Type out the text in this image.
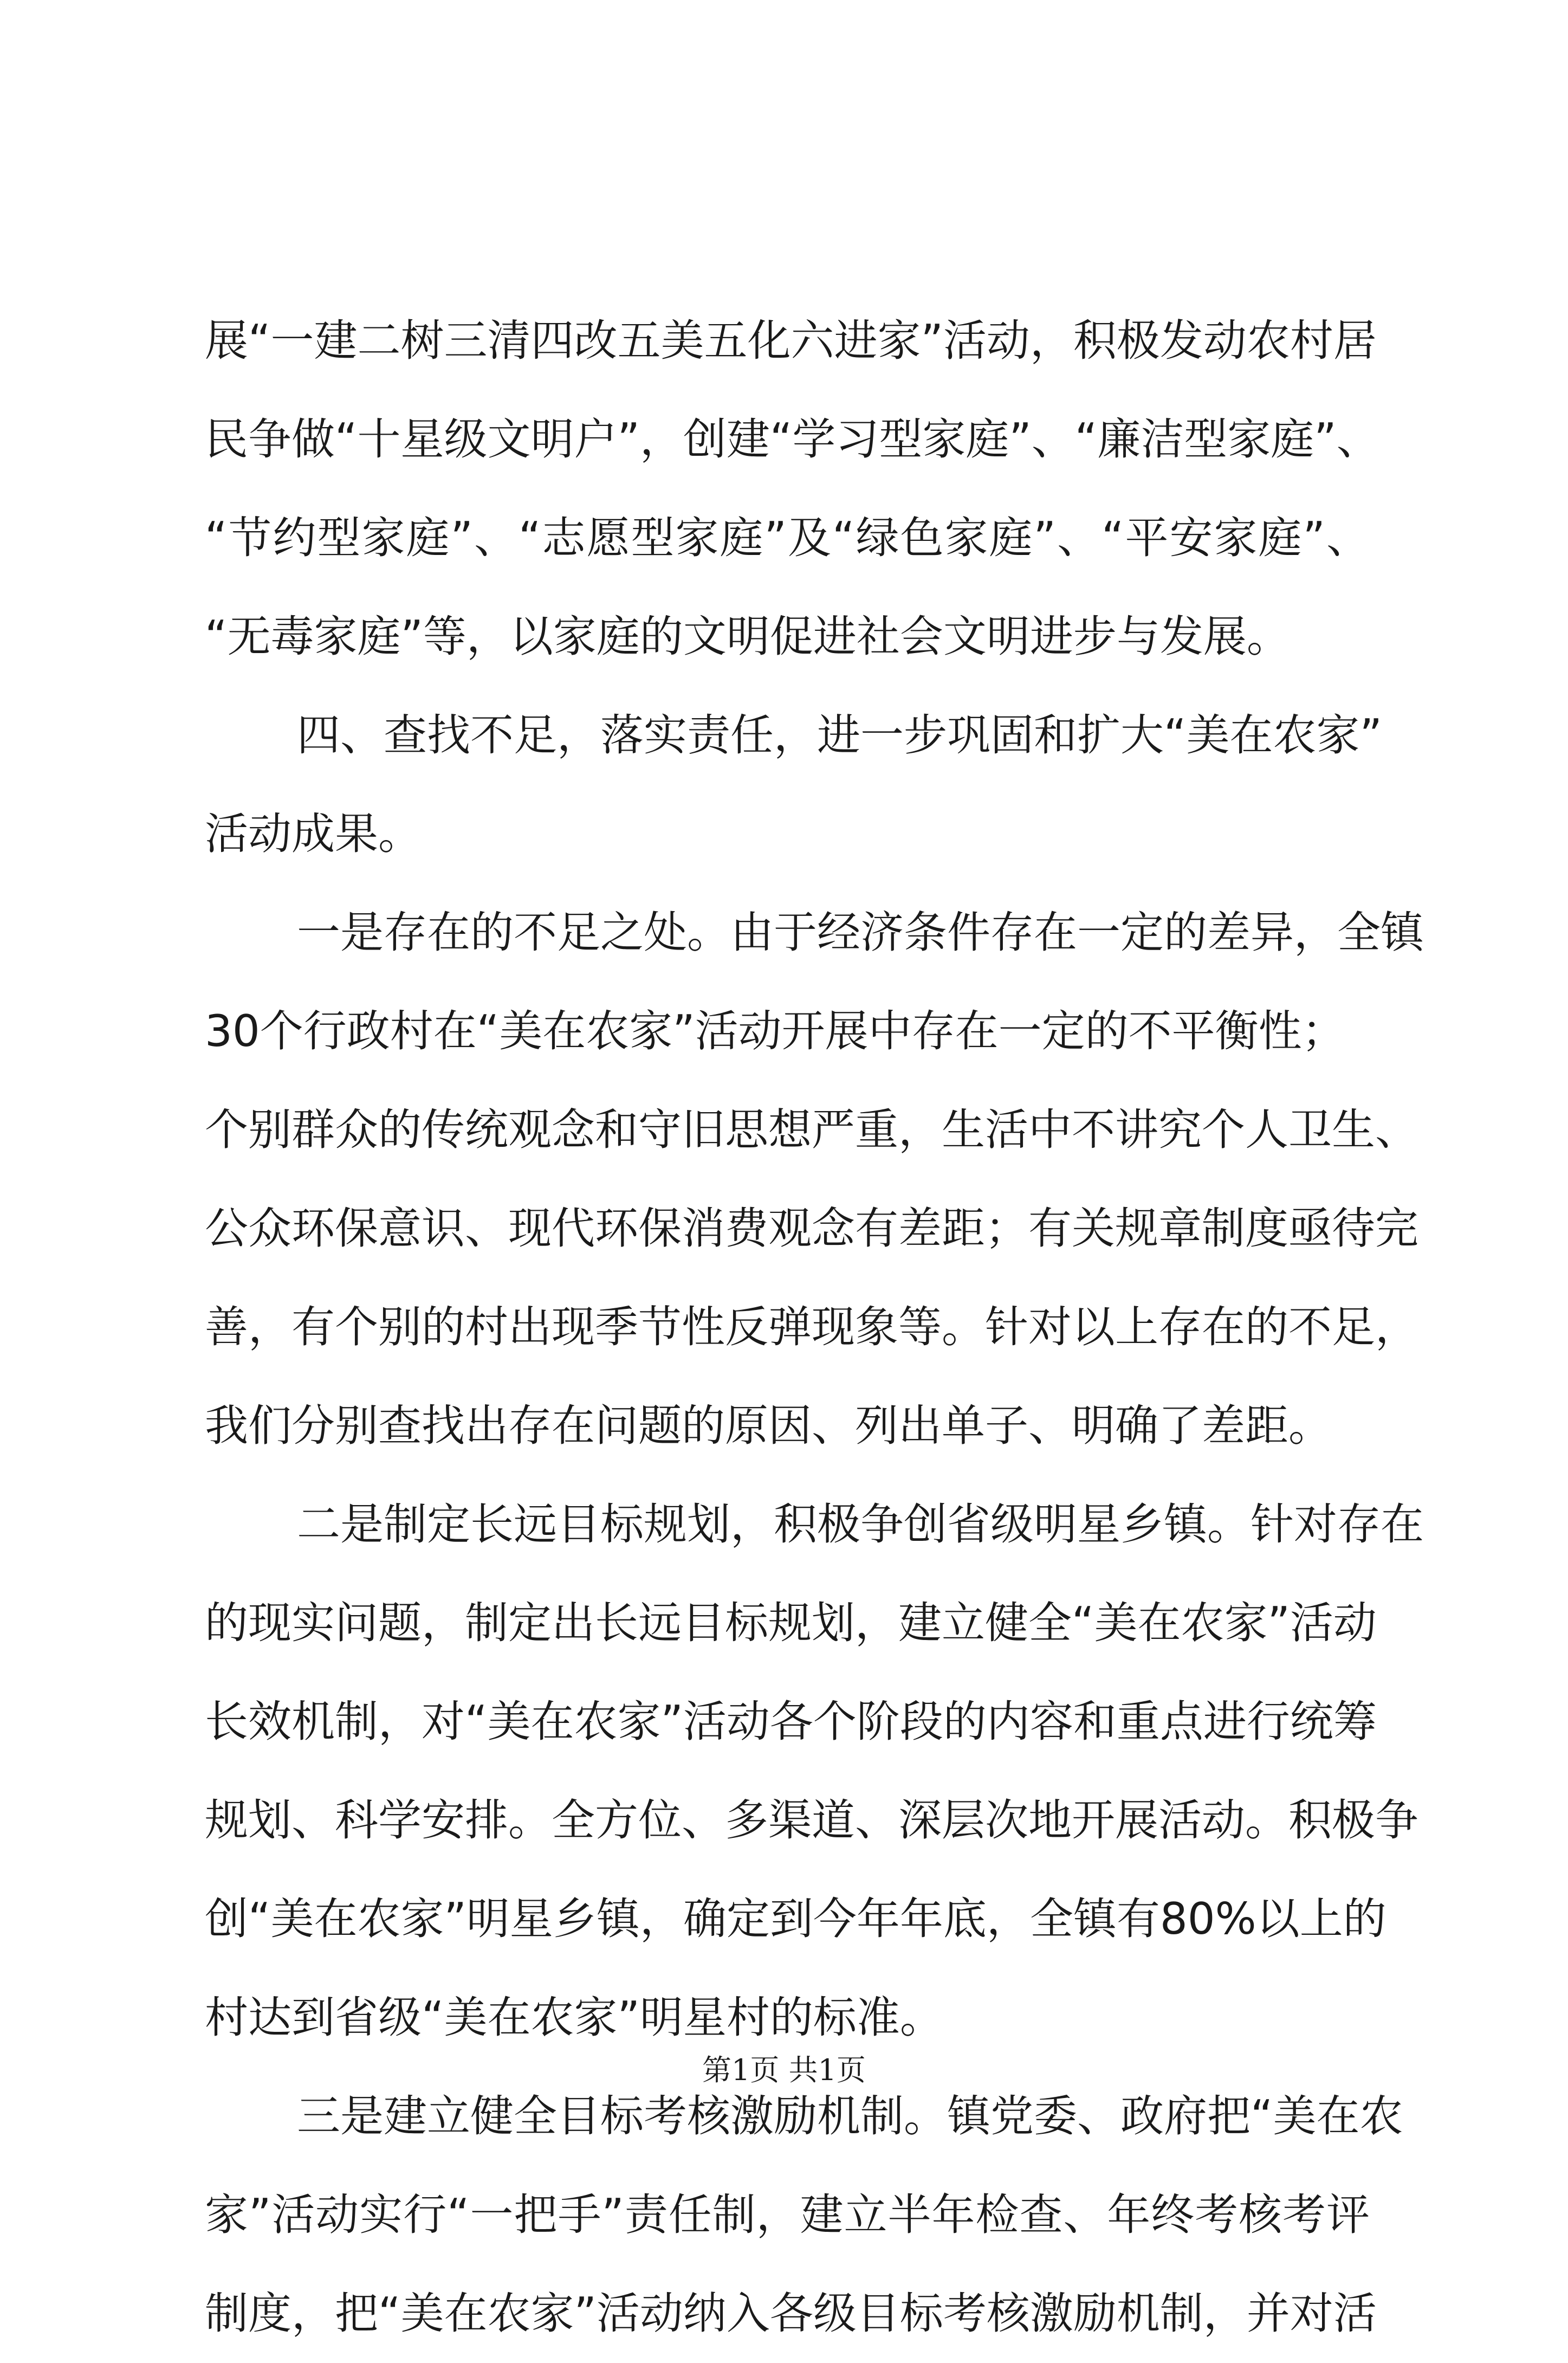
展“一建二树三清四改五美五化六进家”活动，积极发动农村居
民争做“十星级文明户”，创建“学习型家庭”、“廉洁型家庭”、
“节约型家庭”、“志愿型家庭”及“绿色家庭”、“平安家庭”、
“无毒家庭”等，以家庭的文明促进社会文明进步与发展。
四、查找不足，落实责任，进一步巩固和扩大“美在农家”
活动成果。
一是存在的不足之处。由于经济条件存在一定的差异，全镇
30个行政村在“美在农家”活动开展中存在一定的不平衡性；
个别群众的传统观念和守旧思想严重，生活中不讲究个人卫生、
公众环保意识、现代环保消费观念有差距；有关规章制度亟待完
善，有个别的村出现季节性反弹现象等。针对以上存在的不足，
我们分别查找出存在问题的原因、列出单子、明确了差距。
二是制定长远目标规划，积极争创省级明星乡镇。针对存在
的现实问题，制定出长远目标规划，建立健全“美在农家”活动
长效机制，对“美在农家”活动各个阶段的内容和重点进行统筹
规划、科学安排。全方位、多渠道、深层次地开展活动。积极争
创“美在农家”明星乡镇，确定到今年年底，全镇有80%以上的
村达到省级“美在农家”明星村的标准。
三是建立健全目标考核激励机制。镇党委、政府把“美在农
家”活动实行“一把手”责任制，建立半年检查、年终考核考评
制度，把“美在农家”活动纳入各级目标考核激励机制，并对活
第1页 共1页
